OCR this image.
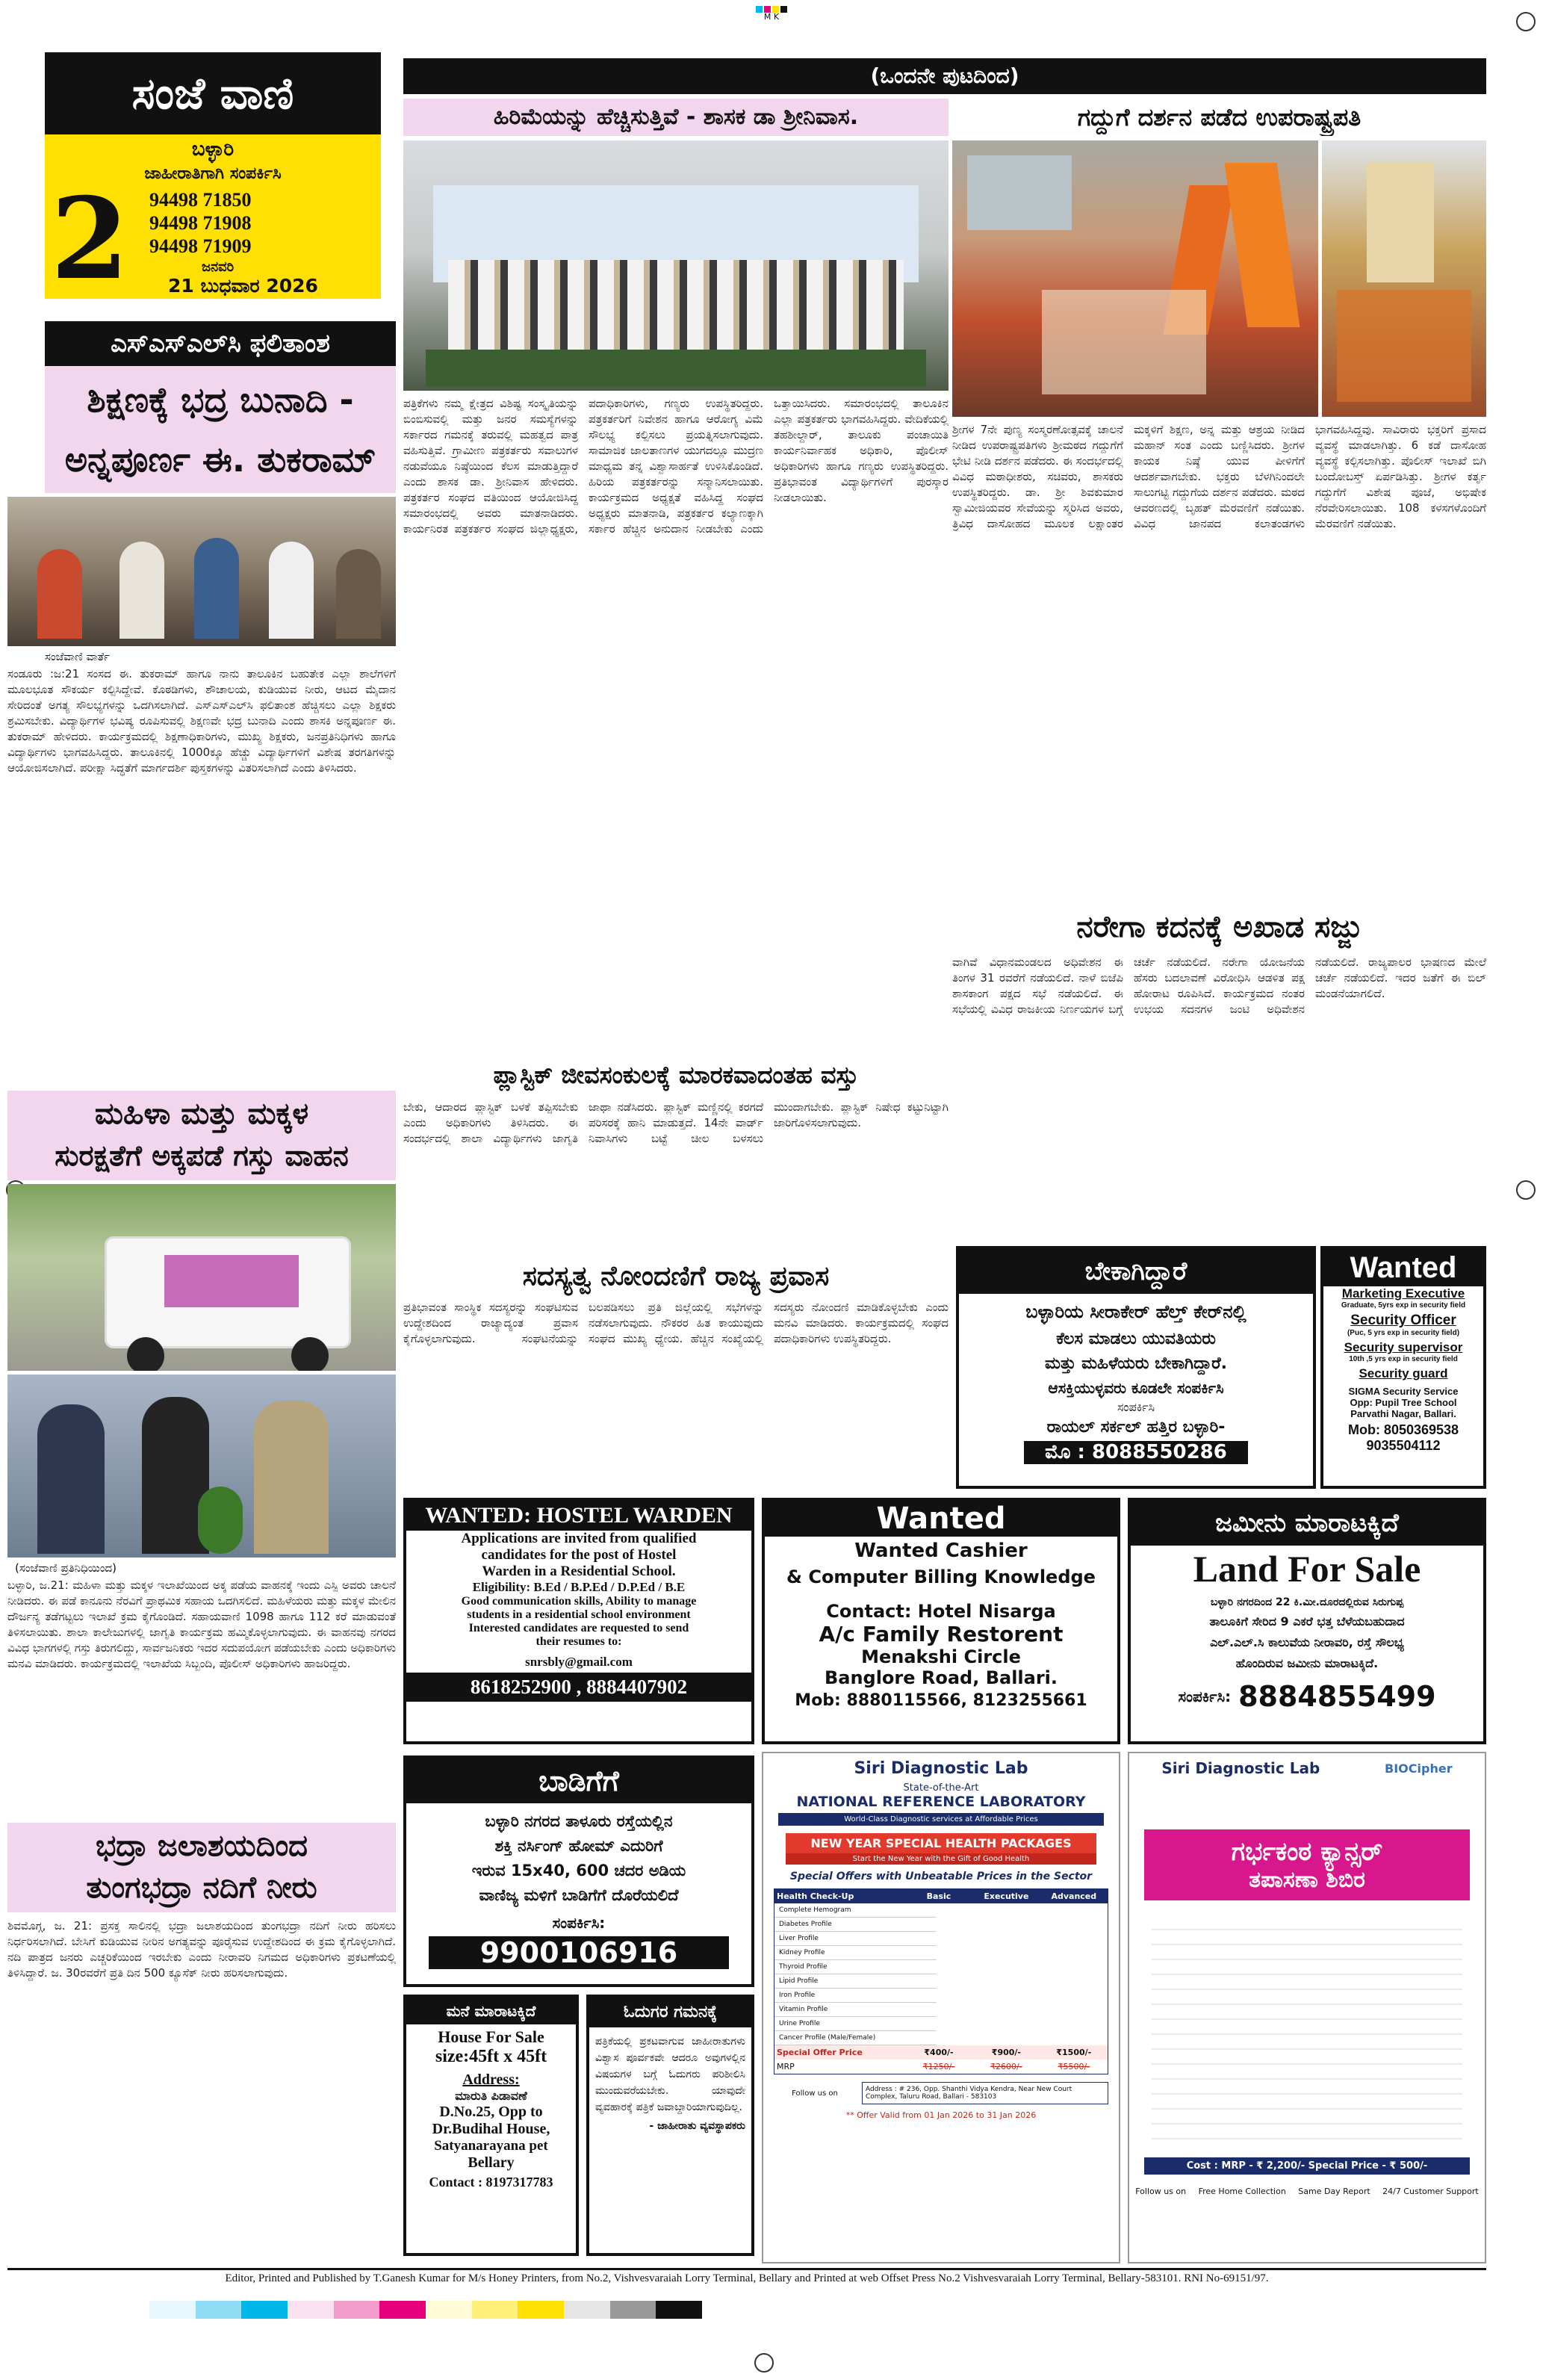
M K
ಸಂಜೆ ವಾಣಿ
ಬಳ್ಳಾರಿ
ಜಾಹೀರಾತಿಗಾಗಿ ಸಂಪರ್ಕಿಸಿ
2 94498 71850
94498 71908
94498 71909
ಜನವರಿ
21 ಬುಧವಾರ 2026
ಎಸ್‌ಎಸ್‌ಎಲ್‌ಸಿ ಫಲಿತಾಂಶ
ಶಿಕ್ಷಣಕ್ಕೆ ಭದ್ರ ಬುನಾದಿ -
ಅನ್ನಪೂರ್ಣ ಈ. ತುಕರಾಮ್
ಸಂಜೆವಾಣಿ ವಾರ್ತೆ
ಸಂಡೂರು :ಜ:21 ಸಂಸದ ಈ. ತುಕರಾಮ್ ಹಾಗೂ ನಾನು ತಾಲೂಕಿನ ಬಹುತೇಕ ಎಲ್ಲಾ ಶಾಲೆಗಳಿಗೆ ಮೂಲಭೂತ ಸೌಕರ್ಯ ಕಲ್ಪಿಸಿದ್ದೇವೆ. ಕೊಠಡಿಗಳು, ಶೌಚಾಲಯ, ಕುಡಿಯುವ ನೀರು, ಆಟದ ಮೈದಾನ ಸೇರಿದಂತೆ ಅಗತ್ಯ ಸೌಲಭ್ಯಗಳನ್ನು ಒದಗಿಸಲಾಗಿದೆ. ಎಸ್‌ಎಸ್‌ಎಲ್‌ಸಿ ಫಲಿತಾಂಶ ಹೆಚ್ಚಿಸಲು ಎಲ್ಲಾ ಶಿಕ್ಷಕರು ಶ್ರಮಿಸಬೇಕು. ವಿದ್ಯಾರ್ಥಿಗಳ ಭವಿಷ್ಯ ರೂಪಿಸುವಲ್ಲಿ ಶಿಕ್ಷಣವೇ ಭದ್ರ ಬುನಾದಿ ಎಂದು ಶಾಸಕಿ ಅನ್ನಪೂರ್ಣ ಈ. ತುಕರಾಮ್ ಹೇಳಿದರು. ಕಾರ್ಯಕ್ರಮದಲ್ಲಿ ಶಿಕ್ಷಣಾಧಿಕಾರಿಗಳು, ಮುಖ್ಯ ಶಿಕ್ಷಕರು, ಜನಪ್ರತಿನಿಧಿಗಳು ಹಾಗೂ ವಿದ್ಯಾರ್ಥಿಗಳು ಭಾಗವಹಿಸಿದ್ದರು. ತಾಲೂಕಿನಲ್ಲಿ 1000ಕ್ಕೂ ಹೆಚ್ಚು ವಿದ್ಯಾರ್ಥಿಗಳಿಗೆ ವಿಶೇಷ ತರಗತಿಗಳನ್ನು ಆಯೋಜಿಸಲಾಗಿದೆ. ಪರೀಕ್ಷಾ ಸಿದ್ಧತೆಗೆ ಮಾರ್ಗದರ್ಶಿ ಪುಸ್ತಕಗಳನ್ನು ವಿತರಿಸಲಾಗಿದೆ ಎಂದು ತಿಳಿಸಿದರು.
ಮಹಿಳಾ ಮತ್ತು ಮಕ್ಕಳ
ಸುರಕ್ಷತೆಗೆ ಅಕ್ಕಪಡೆ ಗಸ್ತು ವಾಹನ
(ಸಂಜೆವಾಣಿ ಪ್ರತಿನಿಧಿಯಿಂದ)
ಬಳ್ಳಾರಿ, ಜ.21: ಮಹಿಳಾ ಮತ್ತು ಮಕ್ಕಳ ಇಲಾಖೆಯಿಂದ ಅಕ್ಕ ಪಡೆಯ ವಾಹನಕ್ಕೆ ಇಂದು ಎಸ್ಪಿ ಅವರು ಚಾಲನೆ ನೀಡಿದರು. ಈ ಪಡೆ ಕಾನೂನು ನೆರವಿಗೆ ಪ್ರಾಥಮಿಕ ಸಹಾಯ ಒದಗಿಸಲಿದೆ. ಮಹಿಳೆಯರು ಮತ್ತು ಮಕ್ಕಳ ಮೇಲಿನ ದೌರ್ಜನ್ಯ ತಡೆಗಟ್ಟಲು ಇಲಾಖೆ ಕ್ರಮ ಕೈಗೊಂಡಿದೆ. ಸಹಾಯವಾಣಿ 1098 ಹಾಗೂ 112 ಕರೆ ಮಾಡುವಂತೆ ತಿಳಿಸಲಾಯಿತು. ಶಾಲಾ ಕಾಲೇಜುಗಳಲ್ಲಿ ಜಾಗೃತಿ ಕಾರ್ಯಕ್ರಮ ಹಮ್ಮಿಕೊಳ್ಳಲಾಗುವುದು. ಈ ವಾಹನವು ನಗರದ ವಿವಿಧ ಭಾಗಗಳಲ್ಲಿ ಗಸ್ತು ತಿರುಗಲಿದ್ದು, ಸಾರ್ವಜನಿಕರು ಇದರ ಸದುಪಯೋಗ ಪಡೆಯಬೇಕು ಎಂದು ಅಧಿಕಾರಿಗಳು ಮನವಿ ಮಾಡಿದರು. ಕಾರ್ಯಕ್ರಮದಲ್ಲಿ ಇಲಾಖೆಯ ಸಿಬ್ಬಂದಿ, ಪೊಲೀಸ್ ಅಧಿಕಾರಿಗಳು ಹಾಜರಿದ್ದರು.
ಭದ್ರಾ ಜಲಾಶಯದಿಂದ
ತುಂಗಭದ್ರಾ ನದಿಗೆ ನೀರು
ಶಿವಮೊಗ್ಗ, ಜ. 21: ಪ್ರಸಕ್ತ ಸಾಲಿನಲ್ಲಿ ಭದ್ರಾ ಜಲಾಶಯದಿಂದ ತುಂಗಭದ್ರಾ ನದಿಗೆ ನೀರು ಹರಿಸಲು ನಿರ್ಧರಿಸಲಾಗಿದೆ. ಬೇಸಿಗೆ ಕುಡಿಯುವ ನೀರಿನ ಅಗತ್ಯವನ್ನು ಪೂರೈಸುವ ಉದ್ದೇಶದಿಂದ ಈ ಕ್ರಮ ಕೈಗೊಳ್ಳಲಾಗಿದೆ. ನದಿ ಪಾತ್ರದ ಜನರು ಎಚ್ಚರಿಕೆಯಿಂದ ಇರಬೇಕು ಎಂದು ನೀರಾವರಿ ನಿಗಮದ ಅಧಿಕಾರಿಗಳು ಪ್ರಕಟಣೆಯಲ್ಲಿ ತಿಳಿಸಿದ್ದಾರೆ. ಜ. 30ರವರೆಗೆ ಪ್ರತಿ ದಿನ 500 ಕ್ಯೂಸೆಕ್ ನೀರು ಹರಿಸಲಾಗುವುದು.
(ಒಂದನೇ ಪುಟದಿಂದ)
ಹಿರಿಮೆಯನ್ನು ಹೆಚ್ಚಿಸುತ್ತಿವೆ - ಶಾಸಕ ಡಾ ಶ್ರೀನಿವಾಸ.
ಪತ್ರಿಕೆಗಳು ನಮ್ಮ ಕ್ಷೇತ್ರದ ವಿಶಿಷ್ಟ ಸಂಸ್ಕೃತಿಯನ್ನು ಬಿಂಬಿಸುವಲ್ಲಿ ಮತ್ತು ಜನರ ಸಮಸ್ಯೆಗಳನ್ನು ಸರ್ಕಾರದ ಗಮನಕ್ಕೆ ತರುವಲ್ಲಿ ಮಹತ್ವದ ಪಾತ್ರ ವಹಿಸುತ್ತಿವೆ. ಗ್ರಾಮೀಣ ಪತ್ರಕರ್ತರು ಸವಾಲುಗಳ ನಡುವೆಯೂ ನಿಷ್ಠೆಯಿಂದ ಕೆಲಸ ಮಾಡುತ್ತಿದ್ದಾರೆ ಎಂದು ಶಾಸಕ ಡಾ. ಶ್ರೀನಿವಾಸ ಹೇಳಿದರು. ಪತ್ರಕರ್ತರ ಸಂಘದ ವತಿಯಿಂದ ಆಯೋಜಿಸಿದ್ದ ಸಮಾರಂಭದಲ್ಲಿ ಅವರು ಮಾತನಾಡಿದರು. ಕಾರ್ಯನಿರತ ಪತ್ರಕರ್ತರ ಸಂಘದ ಜಿಲ್ಲಾಧ್ಯಕ್ಷರು, ಪದಾಧಿಕಾರಿಗಳು, ಗಣ್ಯರು ಉಪಸ್ಥಿತರಿದ್ದರು. ಪತ್ರಕರ್ತರಿಗೆ ನಿವೇಶನ ಹಾಗೂ ಆರೋಗ್ಯ ವಿಮೆ ಸೌಲಭ್ಯ ಕಲ್ಪಿಸಲು ಪ್ರಯತ್ನಿಸಲಾಗುವುದು. ಸಾಮಾಜಿಕ ಜಾಲತಾಣಗಳ ಯುಗದಲ್ಲೂ ಮುದ್ರಣ ಮಾಧ್ಯಮ ತನ್ನ ವಿಶ್ವಾಸಾರ್ಹತೆ ಉಳಿಸಿಕೊಂಡಿದೆ. ಹಿರಿಯ ಪತ್ರಕರ್ತರನ್ನು ಸನ್ಮಾನಿಸಲಾಯಿತು. ಕಾರ್ಯಕ್ರಮದ ಅಧ್ಯಕ್ಷತೆ ವಹಿಸಿದ್ದ ಸಂಘದ ಅಧ್ಯಕ್ಷರು ಮಾತನಾಡಿ, ಪತ್ರಕರ್ತರ ಕಲ್ಯಾಣಕ್ಕಾಗಿ ಸರ್ಕಾರ ಹೆಚ್ಚಿನ ಅನುದಾನ ನೀಡಬೇಕು ಎಂದು ಒತ್ತಾಯಿಸಿದರು. ಸಮಾರಂಭದಲ್ಲಿ ತಾಲೂಕಿನ ಎಲ್ಲಾ ಪತ್ರಕರ್ತರು ಭಾಗವಹಿಸಿದ್ದರು. ವೇದಿಕೆಯಲ್ಲಿ ತಹಶೀಲ್ದಾರ್, ತಾಲೂಕು ಪಂಚಾಯಿತಿ ಕಾರ್ಯನಿರ್ವಾಹಕ ಅಧಿಕಾರಿ, ಪೊಲೀಸ್ ಅಧಿಕಾರಿಗಳು ಹಾಗೂ ಗಣ್ಯರು ಉಪಸ್ಥಿತರಿದ್ದರು. ಪ್ರತಿಭಾವಂತ ವಿದ್ಯಾರ್ಥಿಗಳಿಗೆ ಪುರಸ್ಕಾರ ನೀಡಲಾಯಿತು.
ಗದ್ದುಗೆ ದರ್ಶನ ಪಡೆದ ಉಪರಾಷ್ಟ್ರಪತಿ
ಶ್ರೀಗಳ 7ನೇ ಪುಣ್ಯ ಸಂಸ್ಮರಣೋತ್ಸವಕ್ಕೆ ಚಾಲನೆ ನೀಡಿದ ಉಪರಾಷ್ಟ್ರಪತಿಗಳು ಶ್ರೀಮಠದ ಗದ್ದುಗೆಗೆ ಭೇಟಿ ನೀಡಿ ದರ್ಶನ ಪಡೆದರು. ಈ ಸಂದರ್ಭದಲ್ಲಿ ವಿವಿಧ ಮಠಾಧೀಶರು, ಸಚಿವರು, ಶಾಸಕರು ಉಪಸ್ಥಿತರಿದ್ದರು. ಡಾ. ಶ್ರೀ ಶಿವಕುಮಾರ ಸ್ವಾಮೀಜಿಯವರ ಸೇವೆಯನ್ನು ಸ್ಮರಿಸಿದ ಅವರು, ತ್ರಿವಿಧ ದಾಸೋಹದ ಮೂಲಕ ಲಕ್ಷಾಂತರ ಮಕ್ಕಳಿಗೆ ಶಿಕ್ಷಣ, ಅನ್ನ ಮತ್ತು ಆಶ್ರಯ ನೀಡಿದ ಮಹಾನ್ ಸಂತ ಎಂದು ಬಣ್ಣಿಸಿದರು. ಶ್ರೀಗಳ ಕಾಯಕ ನಿಷ್ಠೆ ಯುವ ಪೀಳಿಗೆಗೆ ಆದರ್ಶವಾಗಬೇಕು. ಭಕ್ತರು ಬೆಳಗಿನಿಂದಲೇ ಸಾಲುಗಟ್ಟಿ ಗದ್ದುಗೆಯ ದರ್ಶನ ಪಡೆದರು. ಮಠದ ಆವರಣದಲ್ಲಿ ಬೃಹತ್ ಮೆರವಣಿಗೆ ನಡೆಯಿತು. ವಿವಿಧ ಜಾನಪದ ಕಲಾತಂಡಗಳು ಭಾಗವಹಿಸಿದ್ದವು. ಸಾವಿರಾರು ಭಕ್ತರಿಗೆ ಪ್ರಸಾದ ವ್ಯವಸ್ಥೆ ಮಾಡಲಾಗಿತ್ತು. 6 ಕಡೆ ದಾಸೋಹ ವ್ಯವಸ್ಥೆ ಕಲ್ಪಿಸಲಾಗಿತ್ತು. ಪೊಲೀಸ್ ಇಲಾಖೆ ಬಿಗಿ ಬಂದೋಬಸ್ತ್ ಏರ್ಪಡಿಸಿತ್ತು. ಶ್ರೀಗಳ ಕರ್ತೃ ಗದ್ದುಗೆಗೆ ವಿಶೇಷ ಪೂಜೆ, ಅಭಿಷೇಕ ನೆರವೇರಿಸಲಾಯಿತು. 108 ಕಳಸಗಳೊಂದಿಗೆ ಮೆರವಣಿಗೆ ನಡೆಯಿತು.
ನರೇಗಾ ಕದನಕ್ಕೆ ಅಖಾಡ ಸಜ್ಜು
ವಾಗಿವೆ ವಿಧಾನಮಂಡಲದ ಅಧಿವೇಶನ ಈ ತಿಂಗಳ 31 ರವರೆಗೆ ನಡೆಯಲಿದೆ. ನಾಳೆ ಬಿಜೆಪಿ ಶಾಸಕಾಂಗ ಪಕ್ಷದ ಸಭೆ ನಡೆಯಲಿದೆ. ಈ ಸಭೆಯಲ್ಲಿ ವಿವಿಧ ರಾಜಕೀಯ ನಿರ್ಣಯಗಳ ಬಗ್ಗೆ ಚರ್ಚೆ ನಡೆಯಲಿದೆ. ನರೇಗಾ ಯೋಜನೆಯ ಹೆಸರು ಬದಲಾವಣೆ ವಿರೋಧಿಸಿ ಆಡಳಿತ ಪಕ್ಷ ಹೋರಾಟ ರೂಪಿಸಿದೆ. ಕಾರ್ಯಕ್ರಮದ ನಂತರ ಉಭಯ ಸದನಗಳ ಜಂಟಿ ಅಧಿವೇಶನ ನಡೆಯಲಿದೆ. ರಾಜ್ಯಪಾಲರ ಭಾಷಣದ ಮೇಲೆ ಚರ್ಚೆ ನಡೆಯಲಿದೆ. ಇದರ ಜತೆಗೆ ಈ ಬಿಲ್ ಮಂಡನೆಯಾಗಲಿದೆ.
ಪ್ಲಾಸ್ಟಿಕ್ ಜೀವಸಂಕುಲಕ್ಕೆ ಮಾರಕವಾದಂತಹ ವಸ್ತು
ಬೇಕು, ಆದಾರದ ಪ್ಲಾಸ್ಟಿಕ್ ಬಳಕೆ ತಪ್ಪಿಸಬೇಕು ಎಂದು ಅಧಿಕಾರಿಗಳು ತಿಳಿಸಿದರು. ಈ ಸಂದರ್ಭದಲ್ಲಿ ಶಾಲಾ ವಿದ್ಯಾರ್ಥಿಗಳು ಜಾಗೃತಿ ಜಾಥಾ ನಡೆಸಿದರು. ಪ್ಲಾಸ್ಟಿಕ್ ಮಣ್ಣಿನಲ್ಲಿ ಕರಗದೆ ಪರಿಸರಕ್ಕೆ ಹಾನಿ ಮಾಡುತ್ತದೆ. 14ನೇ ವಾರ್ಡ್ ನಿವಾಸಿಗಳು ಬಟ್ಟೆ ಚೀಲ ಬಳಸಲು ಮುಂದಾಗಬೇಕು. ಪ್ಲಾಸ್ಟಿಕ್ ನಿಷೇಧ ಕಟ್ಟುನಿಟ್ಟಾಗಿ ಜಾರಿಗೊಳಿಸಲಾಗುವುದು.
ಸದಸ್ಯತ್ವ ನೋಂದಣಿಗೆ ರಾಜ್ಯ ಪ್ರವಾಸ
ಪ್ರತಿಭಾವಂತ ಸಾಂಸ್ಥಿಕ ಸದಸ್ಯರನ್ನು ಸಂಘಟಿಸುವ ಉದ್ದೇಶದಿಂದ ರಾಜ್ಯಾದ್ಯಂತ ಪ್ರವಾಸ ಕೈಗೊಳ್ಳಲಾಗುವುದು. ಸಂಘಟನೆಯನ್ನು ಬಲಪಡಿಸಲು ಪ್ರತಿ ಜಿಲ್ಲೆಯಲ್ಲಿ ಸಭೆಗಳನ್ನು ನಡೆಸಲಾಗುವುದು. ನೌಕರರ ಹಿತ ಕಾಯುವುದು ಸಂಘದ ಮುಖ್ಯ ಧ್ಯೇಯ. ಹೆಚ್ಚಿನ ಸಂಖ್ಯೆಯಲ್ಲಿ ಸದಸ್ಯರು ನೋಂದಣಿ ಮಾಡಿಕೊಳ್ಳಬೇಕು ಎಂದು ಮನವಿ ಮಾಡಿದರು. ಕಾರ್ಯಕ್ರಮದಲ್ಲಿ ಸಂಘದ ಪದಾಧಿಕಾರಿಗಳು ಉಪಸ್ಥಿತರಿದ್ದರು.
ಬೇಕಾಗಿದ್ದಾರೆ
ಬಳ್ಳಾರಿಯ ಸೀರಾಕೇರ್ ಹೆಲ್ತ್ ಕೇರ್‌ನಲ್ಲಿ
ಕೆಲಸ ಮಾಡಲು ಯುವತಿಯರು
ಮತ್ತು ಮಹಿಳೆಯರು ಬೇಕಾಗಿದ್ದಾರೆ.
ಆಸಕ್ತಿಯುಳ್ಳವರು ಕೂಡಲೇ ಸಂಪರ್ಕಿಸಿ
ಸಂಪರ್ಕಿಸಿ
ರಾಯಲ್ ಸರ್ಕಲ್ ಹತ್ತಿರ ಬಳ್ಳಾರಿ-
ಮೊ : 8088550286
Wanted
Marketing Executive
Graduate, 5yrs exp in security field
Security Officer
(Puc, 5 yrs exp in security field)
Security supervisor
10th ,5 yrs exp in security field
Security guard
SIGMA Security Service
Opp: Pupil Tree School
Parvathi Nagar, Ballari.
Mob: 8050369538
9035504112
WANTED: HOSTEL WARDEN
Applications are invited from qualified
candidates for the post of Hostel
Warden in a Residential School.
Eligibility: B.Ed / B.P.Ed / D.P.Ed / B.E
Good communication skills, Ability to manage
students in a residential school environment
Interested candidates are requested to send
their resumes to:
snrsbly@gmail.com
8618252900 , 8884407902
Wanted
Wanted Cashier
& Computer Billing Knowledge
Contact: Hotel Nisarga
A/c Family Restorent
Menakshi Circle
Banglore Road, Ballari.
Mob: 8880115566, 8123255661
ಜಮೀನು ಮಾರಾಟಕ್ಕಿದೆ
Land For Sale
ಬಳ್ಳಾರಿ ನಗರದಿಂದ 22 ಕಿ.ಮೀ.ದೂರದಲ್ಲಿರುವ ಸಿರುಗುಪ್ಪ
ತಾಲೂಕಿಗೆ ಸೇರಿದ 9 ಎಕರೆ ಭತ್ತ ಬೆಳೆಯಬಹುದಾದ
ಎಲ್.ಎಲ್.ಸಿ ಕಾಲುವೆಯ ನೀರಾವರಿ, ರಸ್ತೆ ಸೌಲಭ್ಯ
ಹೊಂದಿರುವ ಜಮೀನು ಮಾರಾಟಕ್ಕಿದೆ.
ಸಂಪರ್ಕಿಸಿ: 8884855499
ಬಾಡಿಗೆಗೆ
ಬಳ್ಳಾರಿ ನಗರದ ತಾಳೂರು ರಸ್ತೆಯಲ್ಲಿನ
ಶಕ್ತಿ ನರ್ಸಿಂಗ್ ಹೋಮ್ ಎದುರಿಗೆ
ಇರುವ 15x40, 600 ಚದರ ಅಡಿಯ
ವಾಣಿಜ್ಯ ಮಳಿಗೆ ಬಾಡಿಗೆಗೆ ದೊರೆಯಲಿದೆ
ಸಂಪರ್ಕಿಸಿ:
9900106916
ಮನೆ ಮಾರಾಟಕ್ಕಿದೆ
House For Sale
size:45ft x 45ft
Address:
ಮಾರುತಿ ಪಿಡಾವಣೆ
D.No.25, Opp to
Dr.Budihal House,
Satyanarayana pet
Bellary
Contact : 8197317783
ಓದುಗರ ಗಮನಕ್ಕೆ
ಪತ್ರಿಕೆಯಲ್ಲಿ ಪ್ರಕಟವಾಗುವ ಜಾಹೀರಾತುಗಳು ವಿಶ್ವಾಸ ಪೂರ್ವಕವೇ ಆದರೂ ಅವುಗಳಲ್ಲಿನ ವಿಷಯಗಳ ಬಗ್ಗೆ ಓದುಗರು ಪರಿಶೀಲಿಸಿ ಮುಂದುವರೆಯಬೇಕು. ಯಾವುದೇ ವ್ಯವಹಾರಕ್ಕೆ ಪತ್ರಿಕೆ ಜವಾಬ್ದಾರಿಯಾಗುವುದಿಲ್ಲ.
- ಜಾಹೀರಾತು ವ್ಯವಸ್ಥಾಪಕರು
Siri Diagnostic Lab
State-of-the-Art
NATIONAL REFERENCE LABORATORY
World-Class Diagnostic services at Affordable Prices
NEW YEAR SPECIAL HEALTH PACKAGES
Start the New Year with the Gift of Good Health
Special Offers with Unbeatable Prices in the Sector
Health Check-Up	Basic	Executive	Advanced
Complete Hemogram
Diabetes Profile
Liver Profile
Kidney Profile
Thyroid Profile
Lipid Profile
Iron Profile
Vitamin Profile
Urine Profile
Cancer Profile (Male/Female)
Special Offer Price	₹400/-	₹900/-	₹1500/-
MRP	₹1250/-	₹2600/-	₹5500/-
Follow us on	Address : # 236, Opp. Shanthi Vidya Kendra, Near New Court Complex, Taluru Road, Ballari - 583103
** Offer Valid from 01 Jan 2026 to 31 Jan 2026
Siri Diagnostic Lab	BIOCipher
ಗರ್ಭಕಂಠ ಕ್ಯಾನ್ಸರ್
ತಪಾಸಣಾ ಶಿಬಿರ
Cost : MRP - ₹ 2,200/- Special Price - ₹ 500/-
Follow us on Free Home Collection Same Day Report 24/7 Customer Support
Editor, Printed and Published by T.Ganesh Kumar for M/s Honey Printers, from No.2, Vishvesvaraiah Lorry Terminal, Bellary and Printed at web Offset Press No.2 Vishvesvaraiah Lorry Terminal, Bellary-583101. RNI No-69151/97.
